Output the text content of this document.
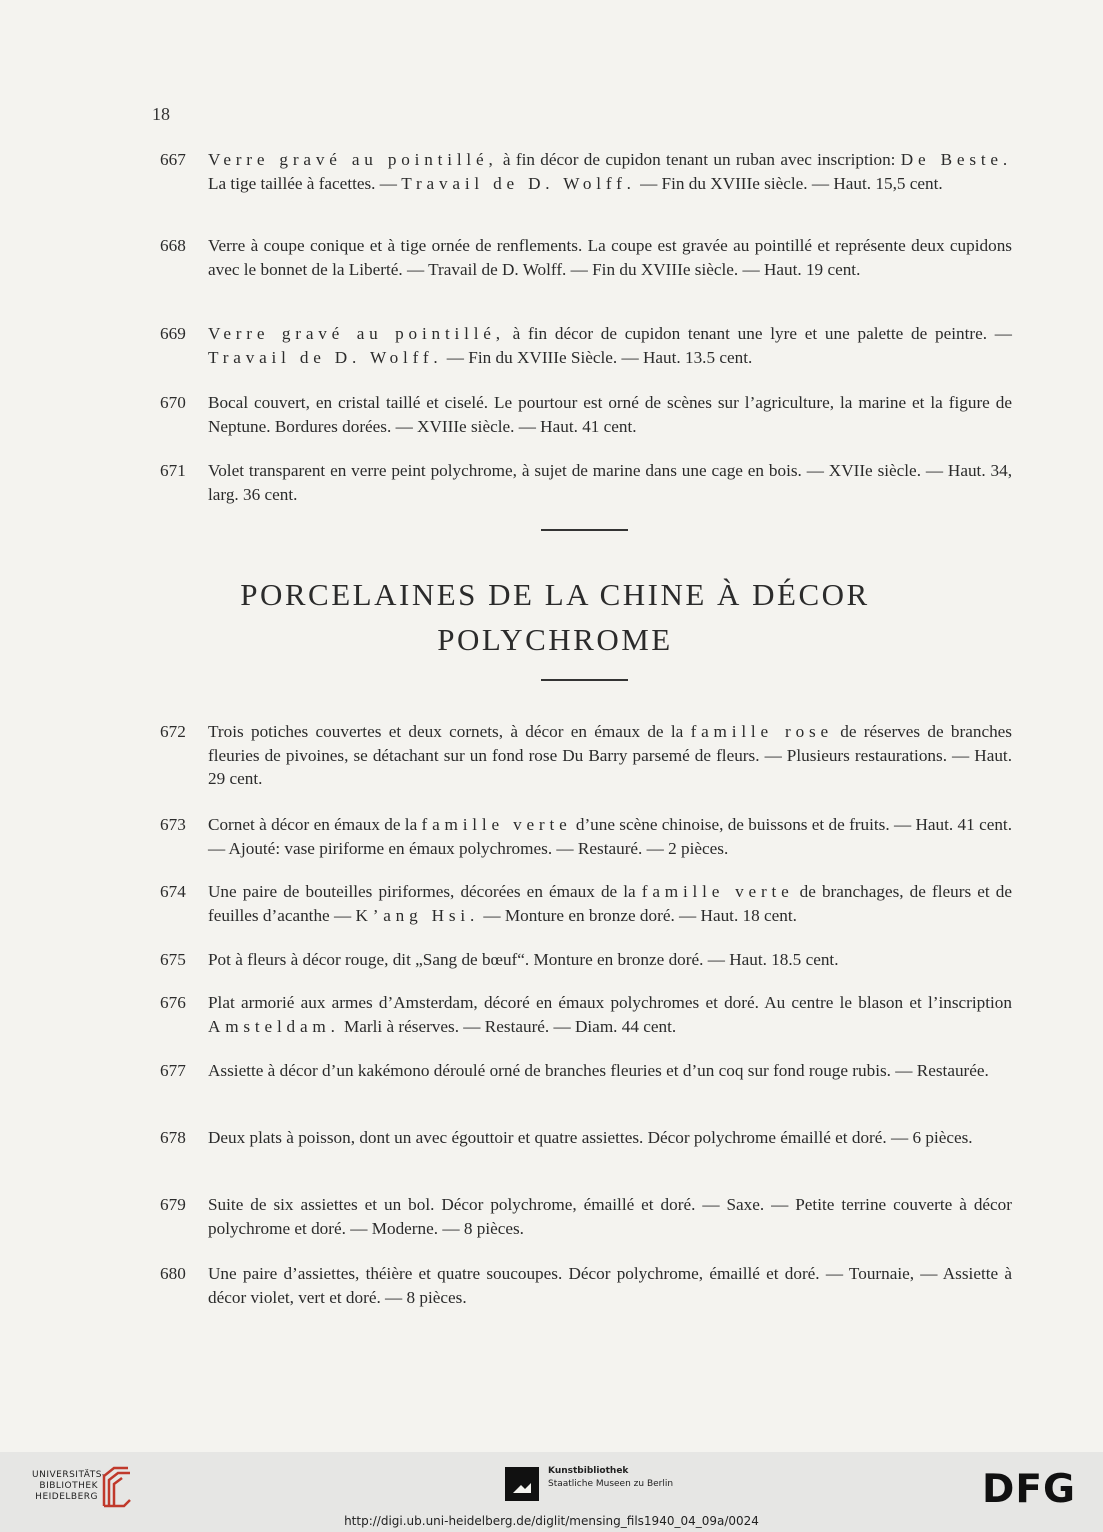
18
667	Verre gravé au pointillé, à fin décor de cupidon tenant un ruban avec inscription: De Beste. La tige taillée à facettes. — Travail de D. Wolff. — Fin du XVIIIe siècle. — Haut. 15,5 cent.
668	Verre à coupe conique et à tige ornée de renflements. La coupe est gravée au pointillé et représente deux cupidons avec le bonnet de la Liberté. — Travail de D. Wolff. — Fin du XVIIIe siècle. — Haut. 19 cent.
669	Verre gravé au pointillé, à fin décor de cupidon tenant une lyre et une palette de peintre. — Travail de D. Wolff. — Fin du XVIIIe Siècle. — Haut. 13.5 cent.
670	Bocal couvert, en cristal taillé et ciselé. Le pourtour est orné de scènes sur l’agriculture, la marine et la figure de Neptune. Bordures dorées. — XVIIIe siècle. — Haut. 41 cent.
671	Volet transparent en verre peint polychrome, à sujet de marine dans une cage en bois. — XVIIe siècle. — Haut. 34, larg. 36 cent.
PORCELAINES DE LA CHINE À DÉCOR
POLYCHROME
672	Trois potiches couvertes et deux cornets, à décor en émaux de la famille rose de réserves de branches fleuries de pivoines, se détachant sur un fond rose Du Barry parsemé de fleurs. — Plusieurs restaurations. — Haut. 29 cent.
673	Cornet à décor en émaux de la famille verte d’une scène chinoise, de buissons et de fruits. — Haut. 41 cent. — Ajouté: vase piriforme en émaux polychromes. — Restauré. — 2 pièces.
674	Une paire de bouteilles piriformes, décorées en émaux de la famille verte de branchages, de fleurs et de feuilles d’acanthe — K’ang Hsi. — Monture en bronze doré. — Haut. 18 cent.
675	Pot à fleurs à décor rouge, dit „Sang de bœuf“. Monture en bronze doré. — Haut. 18.5 cent.
676	Plat armorié aux armes d’Amsterdam, décoré en émaux polychromes et doré. Au centre le blason et l’inscription Amsteldam. Marli à réserves. — Restauré. — Diam. 44 cent.
677	Assiette à décor d’un kakémono déroulé orné de branches fleuries et d’un coq sur fond rouge rubis. — Restaurée.
678	Deux plats à poisson, dont un avec égouttoir et quatre assiettes. Décor polychrome émaillé et doré. — 6 pièces.
679	Suite de six assiettes et un bol. Décor polychrome, émaillé et doré. — Saxe. — Petite terrine couverte à décor polychrome et doré. — Moderne. — 8 pièces.
680	Une paire d’assiettes, théière et quatre soucoupes. Décor polychrome, émaillé et doré. — Tournaie, — Assiette à décor violet, vert et doré. — 8 pièces.
UNIVERSITÄTS-
BIBLIOTHEK
HEIDELBERG
Kunstbibliothek
Staatliche Museen zu Berlin	DFG
http://digi.ub.uni-heidelberg.de/diglit/mensing_fils1940_04_09a/0024
